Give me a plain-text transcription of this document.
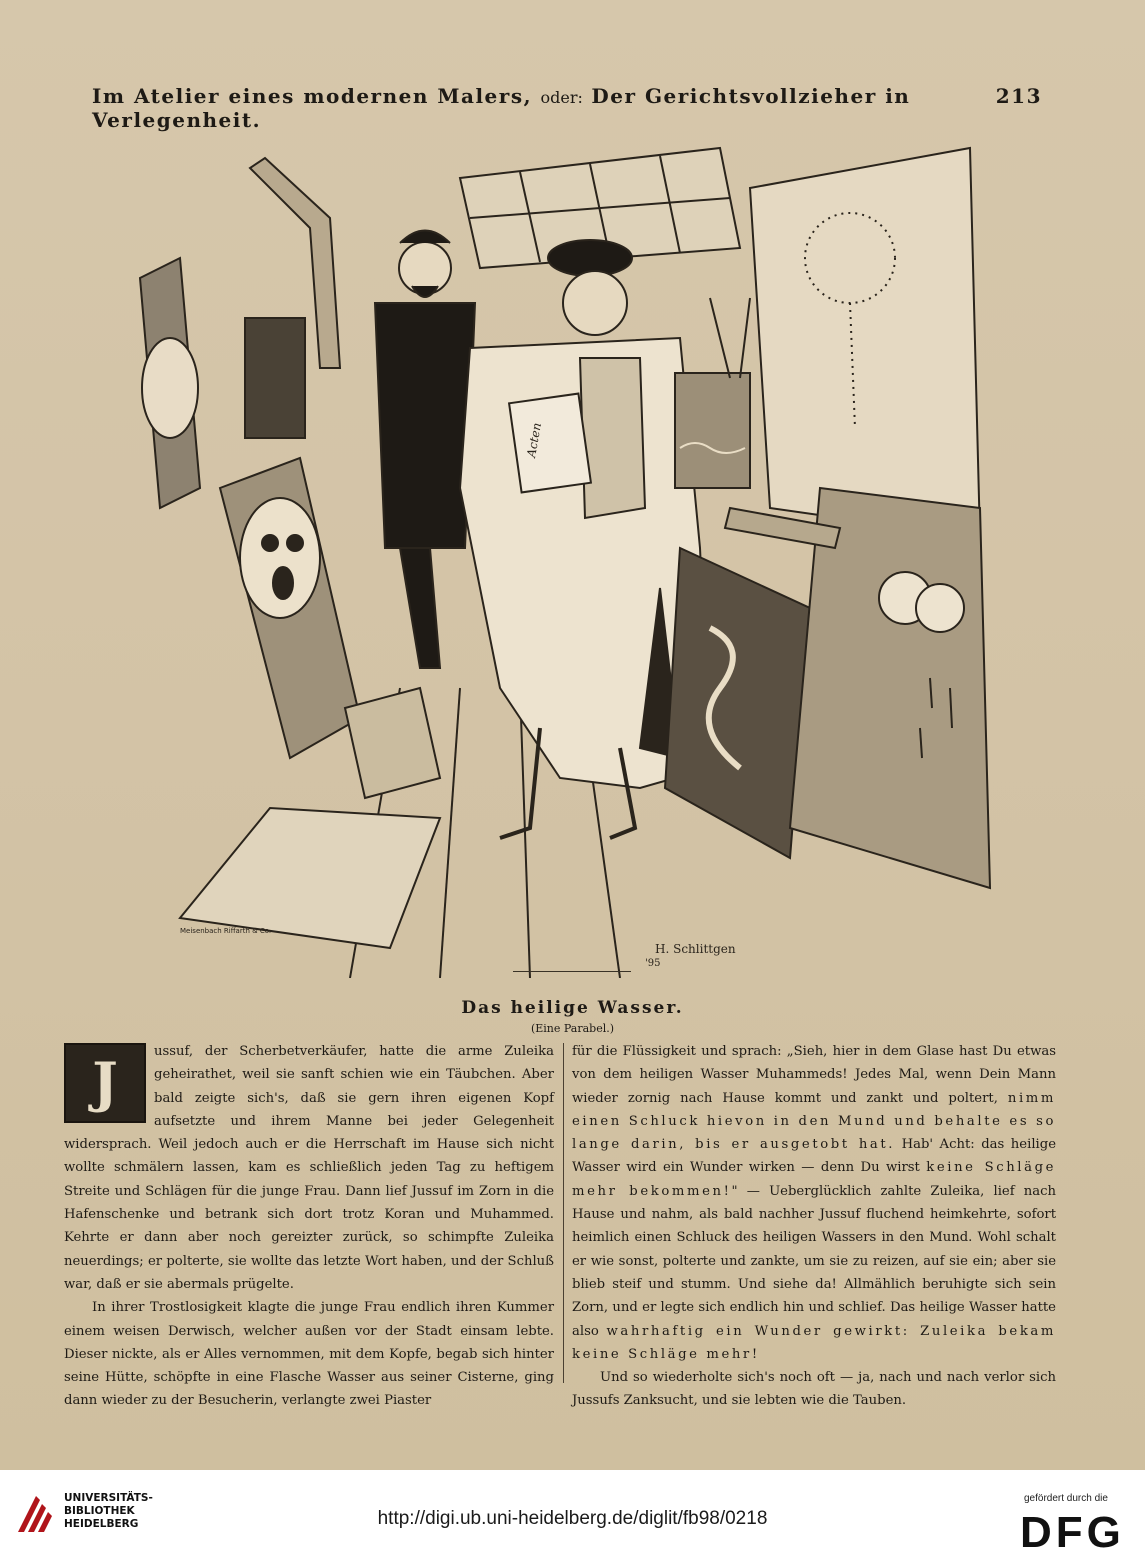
Im Atelier eines modernen Malers, oder: Der Gerichtsvollzieher in Verlegenheit.
213
H. Schlittgen
'95
Meisenbach Riffarth & Co.
Acten
Das heilige Wasser.
(Eine Parabel.)

J	ussuf, der Scherbetverkäufer, hatte die arme Zuleika geheirathet, weil sie sanft schien wie ein Täubchen. Aber bald zeigte sich's, daß sie gern ihren eigenen Kopf aufsetzte und ihrem Manne bei jeder Gelegenheit widersprach. Weil jedoch auch er die Herrschaft im Hause sich nicht wollte schmälern lassen, kam es schließlich jeden Tag zu heftigem Streite und Schlägen für die junge Frau. Dann lief Jussuf im Zorn in die Hafenschenke und betrank sich dort trotz Koran und Muhammed. Kehrte er dann aber noch gereizter zurück, so schimpfte Zuleika neuerdings; er polterte, sie wollte das letzte Wort haben, und der Schluß war, daß er sie abermals prügelte.

In ihrer Trostlosigkeit klagte die junge Frau endlich ihren Kummer einem weisen Derwisch, welcher außen vor der Stadt einsam lebte. Dieser nickte, als er Alles vernommen, mit dem Kopfe, begab sich hinter seine Hütte, schöpfte in eine Flasche Wasser aus seiner Cisterne, ging dann wieder zu der Besucherin, verlangte zwei Piaster

für die Flüssigkeit und sprach: „Sieh, hier in dem Glase hast Du etwas von dem heiligen Wasser Muhammeds! Jedes Mal, wenn Dein Mann wieder zornig nach Hause kommt und zankt und poltert, nimm einen Schluck hievon in den Mund und behalte es so lange darin, bis er ausgetobt hat. Hab' Acht: das heilige Wasser wird ein Wunder wirken — denn Du wirst keine Schläge mehr bekommen!" — Ueberglücklich zahlte Zuleika, lief nach Hause und nahm, als bald nachher Jussuf fluchend heimkehrte, sofort heimlich einen Schluck des heiligen Wassers in den Mund. Wohl schalt er wie sonst, polterte und zankte, um sie zu reizen, auf sie ein; aber sie blieb steif und stumm. Und siehe da! Allmählich beruhigte sich sein Zorn, und er legte sich endlich hin und schlief. Das heilige Wasser hatte also wahrhaftig ein Wunder gewirkt: Zuleika bekam keine Schläge mehr!

Und so wiederholte sich's noch oft — ja, nach und nach verlor sich Jussufs Zanksucht, und sie lebten wie die Tauben.

UNIVERSITÄTS-
BIBLIOTHEK
HEIDELBERG	http://digi.ub.uni-heidelberg.de/diglit/fb98/0218
gefördert durch die
DFG
